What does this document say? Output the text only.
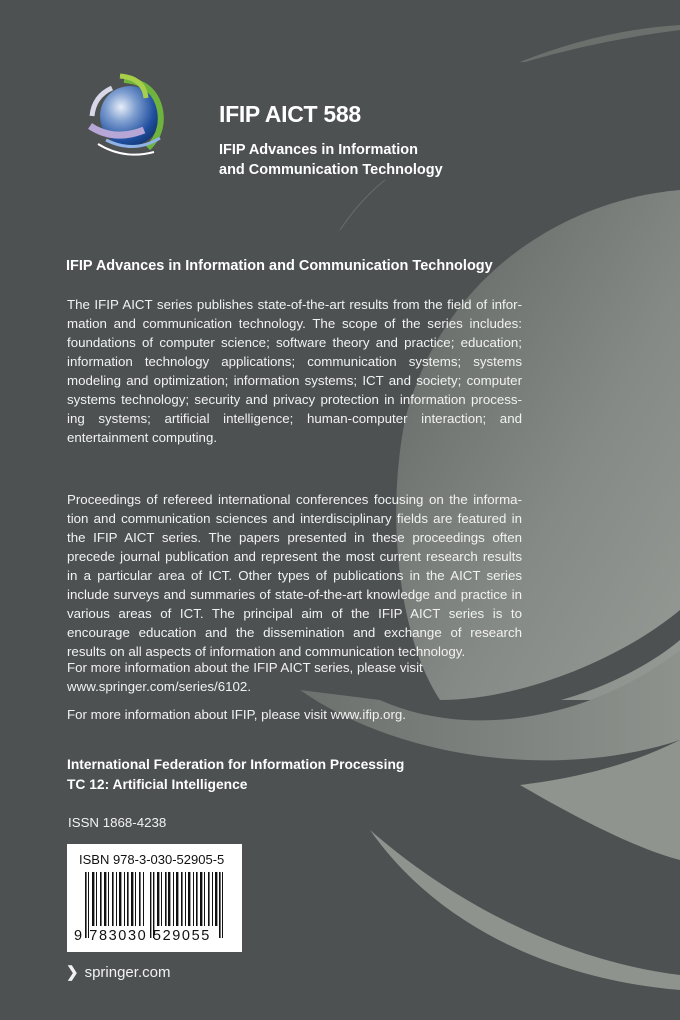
IFIP AICT 588
IFIP Advances in Information
and Communication Technology
IFIP Advances in Information and Communication Technology

The IFIP AICT series publishes state-of-the-art results from the field of information and communication technology. The scope of the series includes: foundations of computer science; software theory and practice; education; information technology applications; communication systems; systems modeling and optimization; information systems; ICT and society; computer systems technology; security and privacy protection in information processing systems; artificial intelligence; human-computer interaction; and entertainment computing.

Proceedings of refereed international conferences focusing on the information and communication sciences and interdisciplinary fields are featured in the IFIP AICT series. The papers presented in these proceedings often precede journal publication and represent the most current research results in a particular area of ICT. Other types of publications in the AICT series include surveys and summaries of state-of-the-art knowledge and practice in various areas of ICT. The principal aim of the IFIP AICT series is to encourage education and the dissemination and exchange of research results on all aspects of information and communication technology.

For more information about the IFIP AICT series, please visit
www.springer.com/series/6102.
For more information about IFIP, please visit www.ifip.org.
International Federation for Information Processing
TC 12: Artificial Intelligence
ISSN 1868-4238
ISBN 978-3-030-52905-5
9 783030 529055
❯ springer.com
